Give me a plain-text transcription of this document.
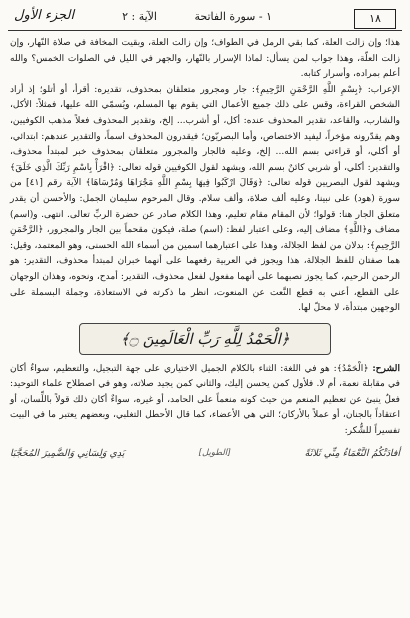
١٨
١ - سورة الفاتحة
الآية : ٢
الجزء الأول

هذا؛ وإن زالت العلة، كما بقي الرمل في الطواف؛ وإن زالت العلة، وبقيت المخافة في صلاة النّهار، وإن زالت العلّة، وهذا جواب لمن يسأل: لماذا الإسرار بالنّهار، والجهر في الليل في الصلوات الخمس؟ والله أعلم بمراده، وأسرار كتابه.

الإعراب: ﴿بِسْمِ اللَّهِ الرَّحْمَنِ الرَّحِيمِ﴾: جار ومجرور متعلقان بمحذوف، تقديره: أقرأ، أو أتلو؛ إذ أراد الشخص القراءة، وقس على ذلك جميع الأعمال التي يقوم بها المسلم، ويُسمّي الله عليها، فمثلاً: الأكل، والشارب، والقاعد، تقدير المحذوف عنده: أكل، أو أشرب... إلخ، وتقدير المحذوف فعلاً مذهب الكوفيين، وهم يقدّرونه مؤخراً، ليفيد الاختصاص، وأما البصريّون؛ فيقدرون المحذوف اسماً، والتقدير عندهم: ابتدائي، أو أكلي، أو قراءتي بسم الله... إلخ، وعليه فالجار والمجرور متعلقان بمحذوف خبر لمبتدأ محذوف، والتقدير: أكلي، أو شربي كائنٌ بسم الله، ويشهد لقول الكوفيين قوله تعالى: ﴿اقْرَأْ بِاسْمِ رَبِّكَ الَّذِي خَلَقَ﴾ ويشهد لقول البصريين قوله تعالى: ﴿وَقَالَ ارْكَبُوا فِيهَا بِسْمِ اللَّهِ مَجْرَاهَا وَمُرْسَاهَا﴾ الآية رقم [٤١] من سورة (هود) على نبينا، وعليه ألف صلاة، وألف سلام. وقال المرحوم سليمان الجمل: والأحسن أن يقدر متعلق الجار هنا: قولوا؛ لأن المقام مقام تعليم، وهذا الكلام صادر عن حضرة الربِّ تعالى. انتهى. و(اسم) مضاف و﴿اللَّهِ﴾ مضاف إليه، وعلى اعتبار لفظ: (اسم) صلة، فيكون مقحماً بين الجار والمجرور، ﴿الرَّحْمَنِ الرَّحِيمِ﴾: بدلان من لفظ الجلالة، وهذا على اعتبارهما اسمين من أسماء الله الحسنى، وهو المعتمد، وقيل: هما صفتان للفظ الجلالة، هذا ويجوز في العربية رفعهما على أنهما خبران لمبتدأ محذوف، التقدير: هو الرحمن الرحيم، كما يجوز نصبهما على أنهما مفعول لفعل محذوف، التقدير: أمدح، ونحوه، وهذان الوجهان على القطع، أعني به قطع النَّعت عن المنعوت، انظر ما ذكرته في الاستعاذة، وجملة البسملة على الوجهين مبتدأة، لا محلّ لها.

﴿الْحَمْدُ لِلَّهِ رَبِّ الْعَالَمِينَ ۝﴾

الشرح: ﴿الْحَمْدُ﴾: هو في اللغة: الثناء بالكلام الجميل الاختياري على جهة التبجيل، والتعظيم، سواءٌ أكان في مقابلة نعمة، أم لا. فلأول كمن يحسن إليك، والثاني كمن يجيد صلاته، وهو في اصطلاح علماء التوحيد: فعلٌ ينبئ عن تعظيم المنعم من حيث كونه منعماً على الحامد، أو غيره، سواءٌ أكان ذلك قولاً باللِّسان، أو اعتقاداً بالجنان، أو عملاً بالأركان؛ التي هي الأعضاء، كما قال الأحطل التغلبي، وبعضهم يعتبر ما في البيت تفسيراً للشُّكر:

أفادَتْكُمُ النَّعْمَاءُ مِنِّي ثَلاثَةً
[الطويل]
يَدِي وَلِسَانِي وَالضَّمِيرَ المُحَجَّبَا
